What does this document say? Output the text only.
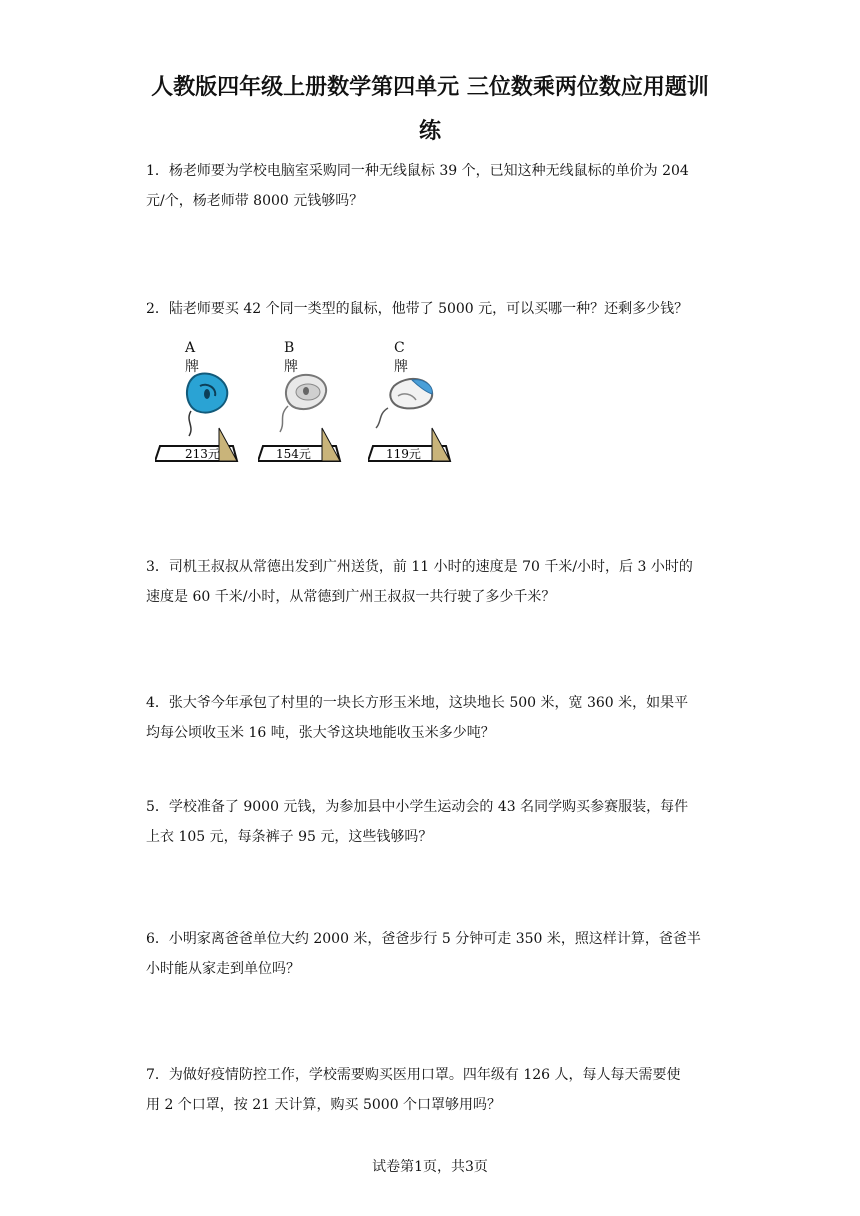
人教版四年级上册数学第四单元 三位数乘两位数应用题训
练
1．杨老师要为学校电脑室采购同一种无线鼠标 39 个，已知这种无线鼠标的单价为 204
元/个，杨老师带 8000 元钱够吗？
2．陆老师要买 42 个同一类型的鼠标，他带了 5000 元，可以买哪一种？还剩多少钱？
A牌
213元
B牌
154元
C牌
119元
3．司机王叔叔从常德出发到广州送货，前 11 小时的速度是 70 千米/小时，后 3 小时的
速度是 60 千米/小时，从常德到广州王叔叔一共行驶了多少千米？
4．张大爷今年承包了村里的一块长方形玉米地，这块地长 500 米，宽 360 米，如果平
均每公顷收玉米 16 吨，张大爷这块地能收玉米多少吨？
5．学校准备了 9000 元钱，为参加县中小学生运动会的 43 名同学购买参赛服装，每件
上衣 105 元，每条裤子 95 元，这些钱够吗？
6．小明家离爸爸单位大约 2000 米，爸爸步行 5 分钟可走 350 米，照这样计算，爸爸半
小时能从家走到单位吗？
7．为做好疫情防控工作，学校需要购买医用口罩。四年级有 126 人，每人每天需要使
用 2 个口罩，按 21 天计算，购买 5000 个口罩够用吗？
试卷第1页，共3页
